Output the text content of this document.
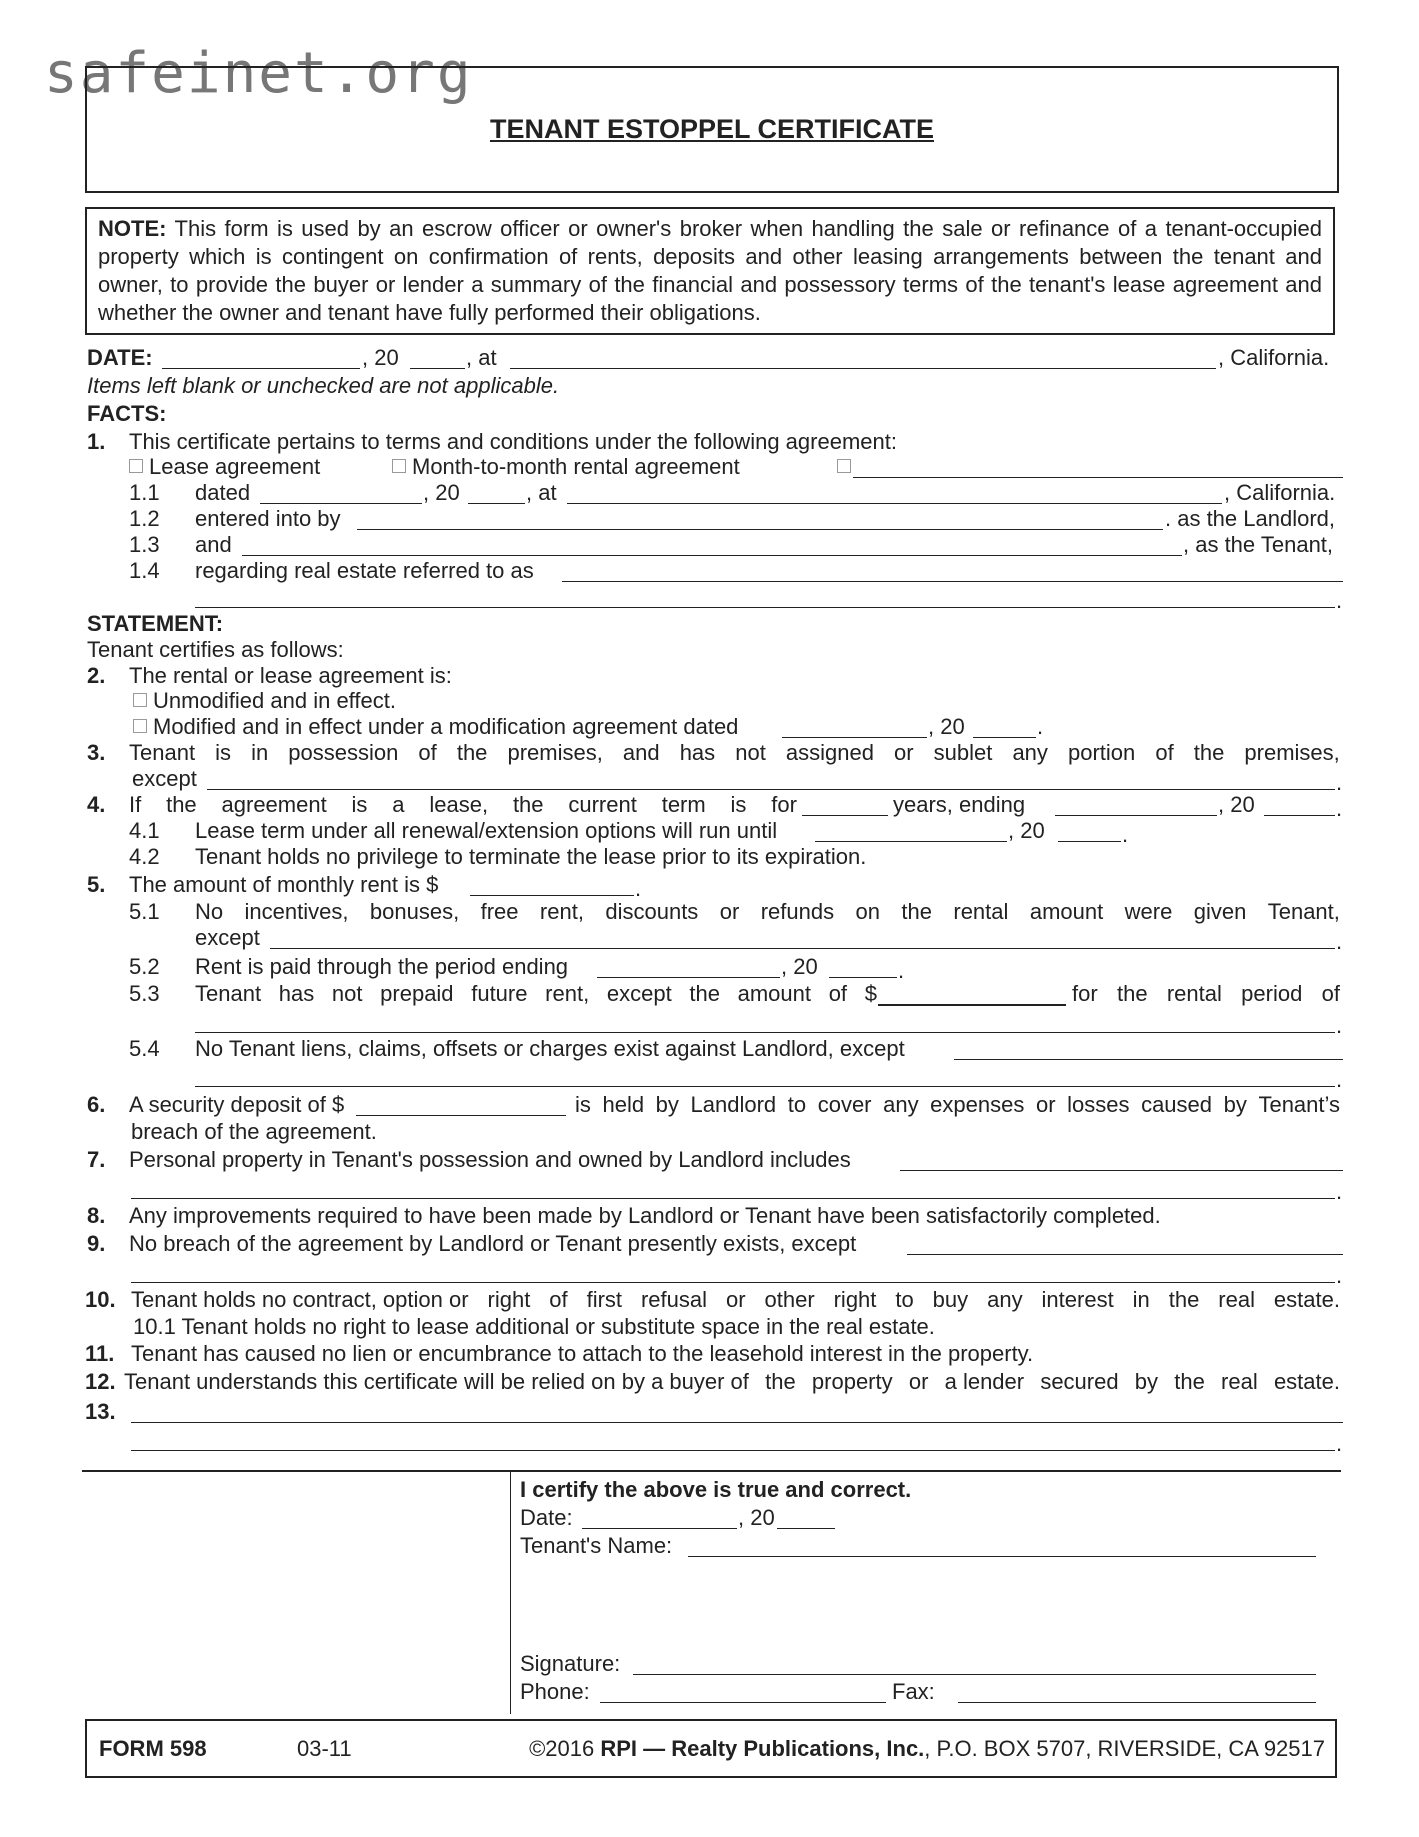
safeinet.org
TENANT ESTOPPEL CERTIFICATE
NOTE: This form is used by an escrow officer or owner's broker when handling the sale or refinance of a tenant-occupied property which is contingent on confirmation of rents, deposits and other leasing arrangements between the tenant and owner, to provide the buyer or lender a summary of the financial and possessory terms of the tenant's lease agreement and whether the owner and tenant have fully performed their obligations.
DATE:	, 20	, at	, California.
Items left blank or unchecked are not applicable.
FACTS:
1. This certificate pertains to terms and conditions under the following agreement:
Lease agreement	Month-to-month rental agreement
1.1 dated	, 20	, at	, California.
1.2 entered into by	. as the Landlord,
1.3 and	, as the Tenant,
1.4 regarding real estate referred to as
.
STATEMENT:
Tenant certifies as follows:
2. The rental or lease agreement is:
Unmodified and in effect.
Modified and in effect under a modification agreement dated	, 20	.
3. Tenant is in possession of the premises, and has not assigned or sublet any portion of the premises,
except	.
4. If the agreement is a lease, the current term is for	years, ending	, 20	.
4.1 Lease term under all renewal/extension options will run until	, 20	.
4.2 Tenant holds no privilege to terminate the lease prior to its expiration.
5. The amount of monthly rent is $	.
5.1 No incentives, bonuses, free rent, discounts or refunds on the rental amount were given Tenant,
except	.
5.2 Rent is paid through the period ending	, 20	.
5.3 Tenant has not prepaid future rent, except the amount of $	for the rental period of
.
5.4 No Tenant liens, claims, offsets or charges exist against Landlord, except
.
6. A security deposit of $	is held by Landlord to cover any expenses or losses caused by Tenant’s
breach of the agreement.
7. Personal property in Tenant's possession and owned by Landlord includes
.
8. Any improvements required to have been made by Landlord or Tenant have been satisfactorily completed.
9. No breach of the agreement by Landlord or Tenant presently exists, except
.
10. Tenant holds no contract, option or right of first refusal or other right to buy any interest in the real estate.
10.1 Tenant holds no right to lease additional or substitute space in the real estate.
11. Tenant has caused no lien or encumbrance to attach to the leasehold interest in the property.
12. Tenant understands this certificate will be relied on by a buyer of the property or a lender secured by the real estate.
13.
.
I certify the above is true and correct.
Date:	, 20
Tenant's Name:
Signature:
Phone:	Fax:
FORM 598	03-11	©2016 RPI — Realty Publications, Inc., P.O. BOX 5707, RIVERSIDE, CA 92517
